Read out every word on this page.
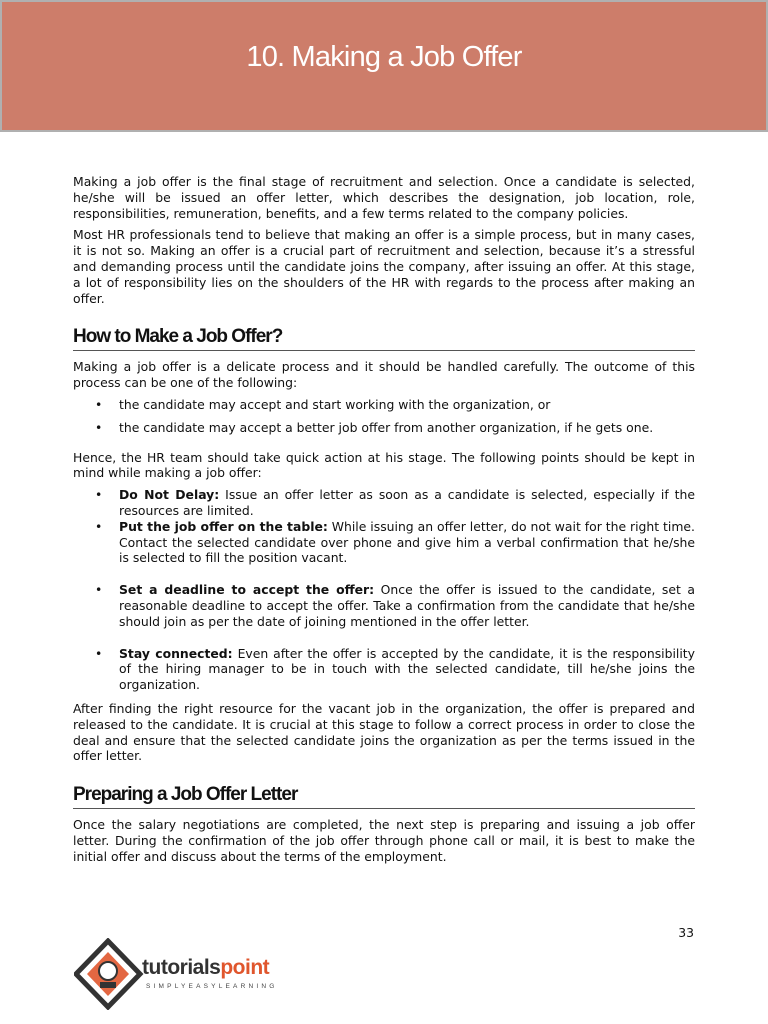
10. Making a Job Offer

Making a job offer is the final stage of recruitment and selection. Once a candidate is selected, he/she will be issued an offer letter, which describes the designation, job location, role, responsibilities, remuneration, benefits, and a few terms related to the company policies.

Most HR professionals tend to believe that making an offer is a simple process, but in many cases, it is not so. Making an offer is a crucial part of recruitment and selection, because it’s a stressful and demanding process until the candidate joins the company, after issuing an offer. At this stage, a lot of responsibility lies on the shoulders of the HR with regards to the process after making an offer.

How to Make a Job Offer?

Making a job offer is a delicate process and it should be handled carefully. The outcome of this process can be one of the following:

• the candidate may accept and start working with the organization, or
• the candidate may accept a better job offer from another organization, if he gets one.

Hence, the HR team should take quick action at his stage. The following points should be kept in mind while making a job offer:

• Do Not Delay: Issue an offer letter as soon as a candidate is selected, especially if the resources are limited.
• Put the job offer on the table: While issuing an offer letter, do not wait for the right time. Contact the selected candidate over phone and give him a verbal confirmation that he/she is selected to fill the position vacant.
• Set a deadline to accept the offer: Once the offer is issued to the candidate, set a reasonable deadline to accept the offer. Take a confirmation from the candidate that he/she should join as per the date of joining mentioned in the offer letter.
• Stay connected: Even after the offer is accepted by the candidate, it is the responsibility of the hiring manager to be in touch with the selected candidate, till he/she joins the organization.

After finding the right resource for the vacant job in the organization, the offer is prepared and released to the candidate. It is crucial at this stage to follow a correct process in order to close the deal and ensure that the selected candidate joins the organization as per the terms issued in the offer letter.

Preparing a Job Offer Letter

Once the salary negotiations are completed, the next step is preparing and issuing a job offer letter. During the confirmation of the job offer through phone call or mail, it is best to make the initial offer and discuss about the terms of the employment.

33
tutorialspoint
SIMPLYEASYLEARNING
